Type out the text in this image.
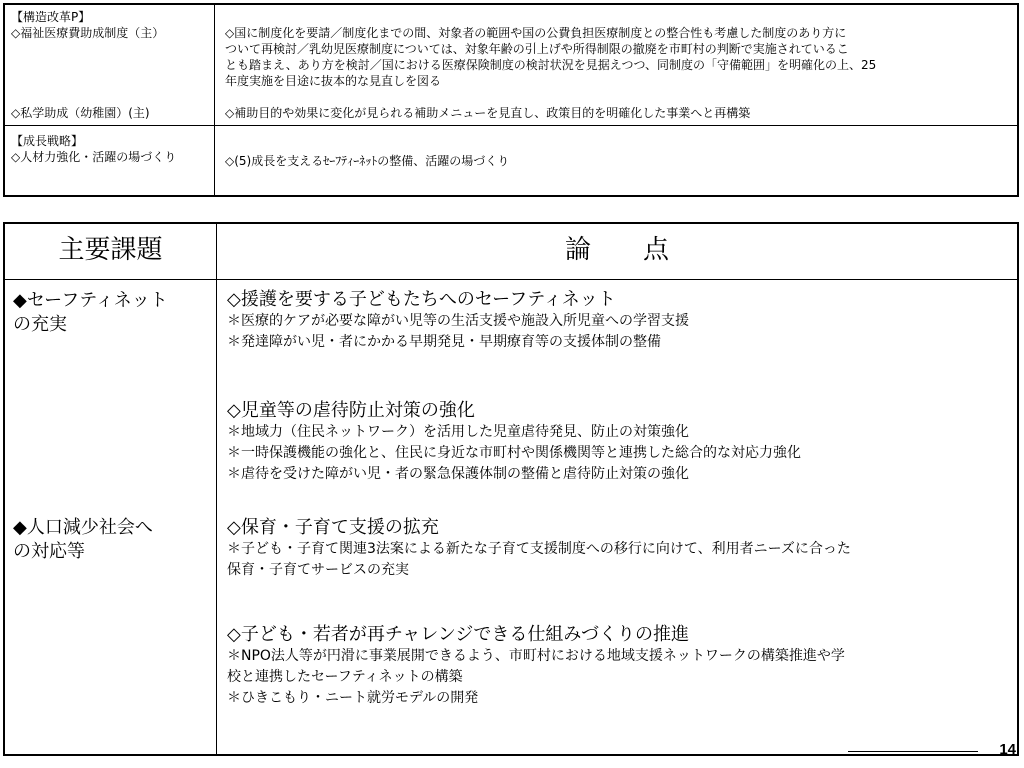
【構造改革P】

◇福祉医療費助成制度（主）

◇私学助成（幼稚園）(主)

◇国に制度化を要請／制度化までの間、対象者の範囲や国の公費負担医療制度との整合性も考慮した制度のあり方に

ついて再検討／乳幼児医療制度については、対象年齢の引上げや所得制限の撤廃を市町村の判断で実施されているこ

とも踏まえ、あり方を検討／国における医療保険制度の検討状況を見据えつつ、同制度の「守備範囲」を明確化の上、25

年度実施を目途に抜本的な見直しを図る

◇補助目的や効果に変化が見られる補助メニューを見直し、政策目的を明確化した事業へと再構築

【成長戦略】

◇人材力強化・活躍の場づくり	◇(5)成長を支えるｾｰﾌﾃｨｰﾈｯﾄの整備、活躍の場づくり

主要課題	論　　点

◆セーフティネット

の充実

◆人口減少社会へ

の対応等

◇援護を要する子どもたちへのセーフティネット

＊医療的ケアが必要な障がい児等の生活支援や施設入所児童への学習支援

＊発達障がい児・者にかかる早期発見・早期療育等の支援体制の整備

◇児童等の虐待防止対策の強化

＊地域力（住民ネットワーク）を活用した児童虐待発見、防止の対策強化

＊一時保護機能の強化と、住民に身近な市町村や関係機関等と連携した総合的な対応力強化

＊虐待を受けた障がい児・者の緊急保護体制の整備と虐待防止対策の強化

◇保育・子育て支援の拡充

＊子ども・子育て関連3法案による新たな子育て支援制度への移行に向けて、利用者ニーズに合った

保育・子育てサービスの充実

◇子ども・若者が再チャレンジできる仕組みづくりの推進

＊NPO法人等が円滑に事業展開できるよう、市町村における地域支援ネットワークの構築推進や学

校と連携したセーフティネットの構築

＊ひきこもり・ニート就労モデルの開発

14
